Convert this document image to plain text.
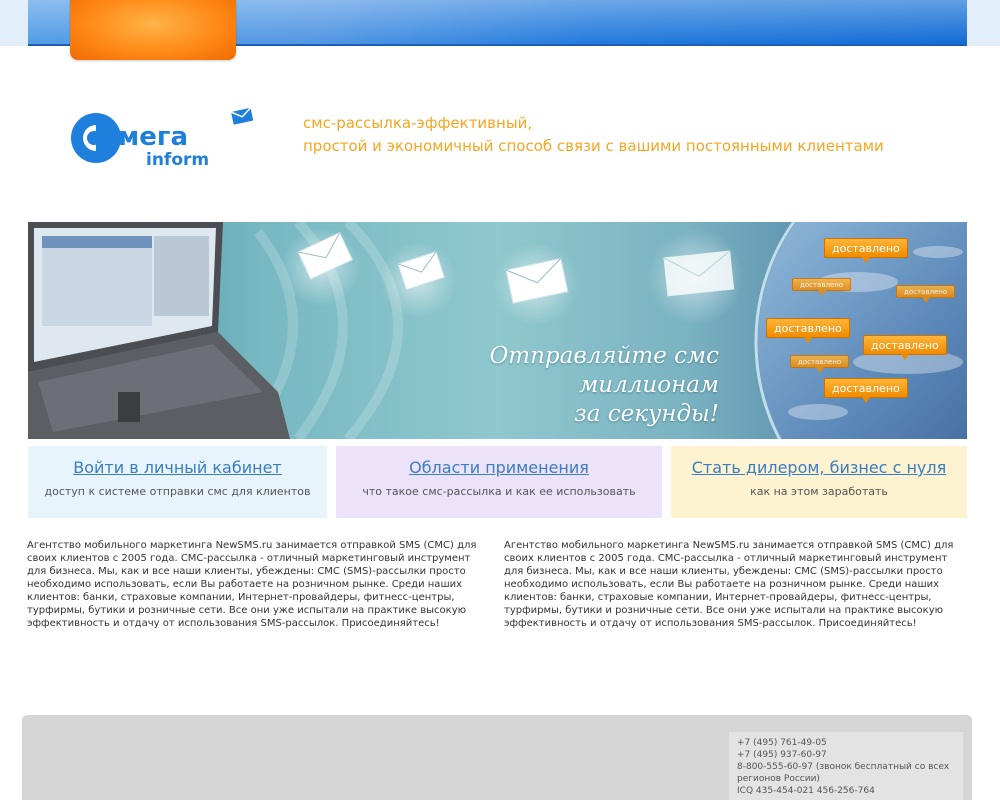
мега
inform
смс-рассылка-эффективный,
простой и экономичный способ связи с вашими постоянными клиентами
доставлено
доставлено
доставлено
доставлено
доставлено
доставлено
доставлено
Отправляйте смс
миллионам
за секунды!
Войти в личный кабинет
доступ к системе отправки смс для клиентов
Области применения
что такое смс-рассылка и как ее использовать
Стать дилером, бизнес с нуля
как на этом заработать

Агентство мобильного маркетинга NewSMS.ru занимается отправкой SMS (СМС) для своих клиентов с 2005 года. СМС-рассылка - отличный маркетинговый инструмент для бизнеса. Мы, как и все наши клиенты, убеждены: СМС (SMS)-рассылки просто необходимо использовать, если Вы работаете на розничном рынке. Среди наших клиентов: банки, страховые компании, Интернет-провайдеры, фитнесс-центры, турфирмы, бутики и розничные сети. Все они уже испытали на практике высокую эффективность и отдачу от использования SMS-рассылок. Присоединяйтесь!

Агентство мобильного маркетинга NewSMS.ru занимается отправкой SMS (СМС) для своих клиентов с 2005 года. СМС-рассылка - отличный маркетинговый инструмент для бизнеса. Мы, как и все наши клиенты, убеждены: СМС (SMS)-рассылки просто необходимо использовать, если Вы работаете на розничном рынке. Среди наших клиентов: банки, страховые компании, Интернет-провайдеры, фитнесс-центры, турфирмы, бутики и розничные сети. Все они уже испытали на практике высокую эффективность и отдачу от использования SMS-рассылок. Присоединяйтесь!

+7 (495) 761-49-05
+7 (495) 937-60-97
8-800-555-60-97 (звонок бесплатный со всех
регионов России)
ICQ 435-454-021 456-256-764
